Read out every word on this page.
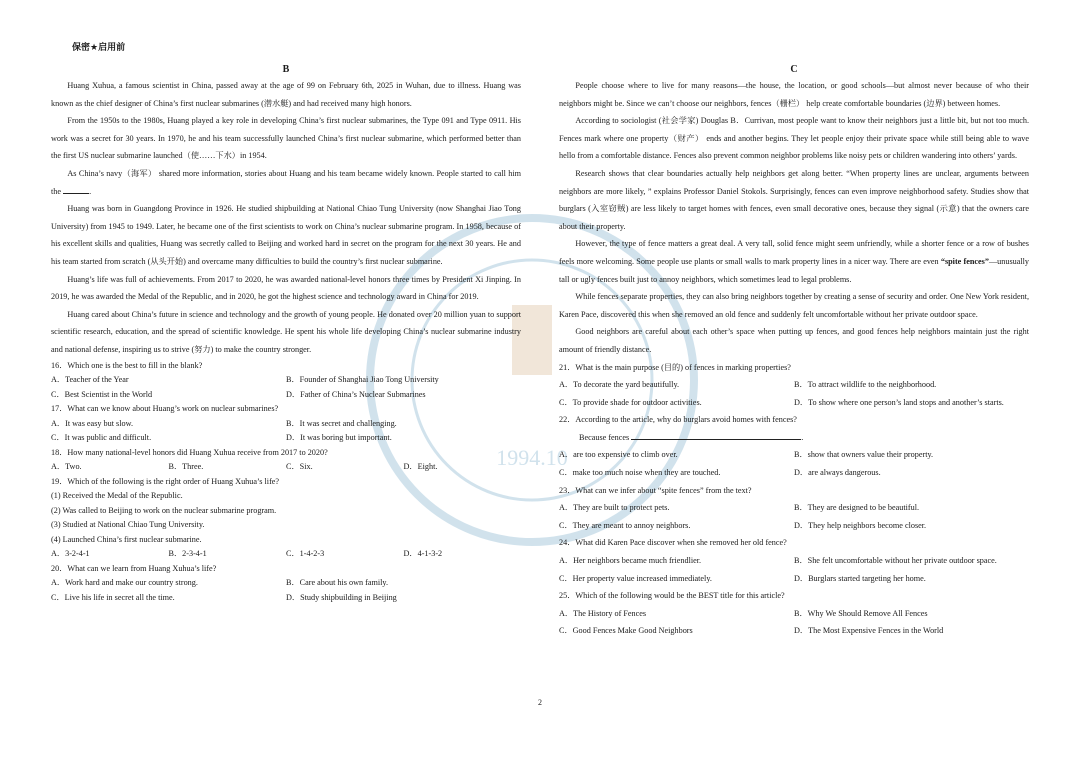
保密★启用前
1994.10
B

Huang Xuhua, a famous scientist in China, passed away at the age of 99 on February 6th, 2025 in Wuhan, due to illness. Huang was known as the chief designer of China’s first nuclear submarines (潜水艇) and had received many high honors.

From the 1950s to the 1980s, Huang played a key role in developing China’s first nuclear submarines, the Type 091 and Type 0911. His work was a secret for 30 years. In 1970, he and his team successfully launched China’s first nuclear submarine, which performed better than the first US nuclear submarine launched（使……下水）in 1954.

As China’s navy（海军） shared more information, stories about Huang and his team became widely known. People started to call him the	.

Huang was born in Guangdong Province in 1926. He studied shipbuilding at National Chiao Tung University (now Shanghai Jiao Tong University) from 1945 to 1949. Later, he became one of the first scientists to work on China’s nuclear submarine program. In 1958, because of his excellent skills and qualities, Huang was secretly called to Beijing and worked hard in secret on the program for the next 30 years. He and his team started from scratch (从头开始) and overcame many difficulties to build the country’s first nuclear submarine.

Huang’s life was full of achievements. From 2017 to 2020, he was awarded national-level honors three times by President Xi Jinping. In 2019, he was awarded the Medal of the Republic, and in 2020, he got the highest science and technology award in China for 2019.

Huang cared about China’s future in science and technology and the growth of young people. He donated over 20 million yuan to support scientific research, education, and the spread of scientific knowledge. He spent his whole life developing China’s nuclear submarine industry and national defense, inspiring us to strive (努力) to make the country stronger.

16．Which one is the best to fill in the blank?

A．Teacher of the Year	B．Founder of Shanghai Jiao Tong University
C．Best Scientist in the World	D．Father of China’s Nuclear Submarines

17．What can we know about Huang’s work on nuclear submarines?

A．It was easy but slow.	B．It was secret and challenging.
C．It was public and difficult.	D．It was boring but important.

18．How many national-level honors did Huang Xuhua receive from 2017 to 2020?

A．Two.	B．Three.	C．Six.	D．Eight.

19．Which of the following is the right order of Huang Xuhua’s life?

(1) Received the Medal of the Republic.

(2) Was called to Beijing to work on the nuclear submarine program.

(3) Studied at National Chiao Tung University.

(4) Launched China’s first nuclear submarine.

A．3-2-4-1	B．2-3-4-1	C．1-4-2-3	D．4-1-3-2

20．What can we learn from Huang Xuhua’s life?

A．Work hard and make our country strong.	B．Care about his own family.
C．Live his life in secret all the time.	D．Study shipbuilding in Beijing
C

People choose where to live for many reasons—the house, the location, or good schools—but almost never because of who their neighbors might be. Since we can’t choose our neighbors, fences（栅栏） help create comfortable boundaries (边界) between homes.

According to sociologist (社会学家) Douglas B．Currivan, most people want to know their neighbors just a little bit, but not too much. Fences mark where one property（财产） ends and another begins. They let people enjoy their private space while still being able to wave hello from a comfortable distance. Fences also prevent common neighbor problems like noisy pets or children wandering into others’ yards.

Research shows that clear boundaries actually help neighbors get along better. “When property lines are unclear, arguments between neighbors are more likely, ” explains Professor Daniel Stokols. Surprisingly, fences can even improve neighborhood safety. Studies show that burglars (入室窃贼) are less likely to target homes with fences, even small decorative ones, because they signal (示意) that the owners care about their property.

However, the type of fence matters a great deal. A very tall, solid fence might seem unfriendly, while a shorter fence or a row of bushes feels more welcoming. Some people use plants or small walls to mark property lines in a nicer way. There are even “spite fences”—unusually tall or ugly fences built just to annoy neighbors, which sometimes lead to legal problems.

While fences separate properties, they can also bring neighbors together by creating a sense of security and order. One New York resident, Karen Pace, discovered this when she removed an old fence and suddenly felt uncomfortable without her private outdoor space.

Good neighbors are careful about each other’s space when putting up fences, and good fences help neighbors maintain just the right amount of friendly distance.

21．What is the main purpose (目的) of fences in marking properties?

A．To decorate the yard beautifully.	B．To attract wildlife to the neighborhood.
C．To provide shade for outdoor activities.	D．To show where one person’s land stops and another’s starts.

22．According to the article, why do burglars avoid homes with fences?

Because fences	.

A．are too expensive to climb over.	B．show that owners value their property.
C．make too much noise when they are touched.	D．are always dangerous.

23．What can we infer about “spite fences” from the text?

A．They are built to protect pets.	B．They are designed to be beautiful.
C．They are meant to annoy neighbors.	D．They help neighbors become closer.

24．What did Karen Pace discover when she removed her old fence?

A．Her neighbors became much friendlier.	B．She felt uncomfortable without her private outdoor space.
C．Her property value increased immediately.	D．Burglars started targeting her home.

25．Which of the following would be the BEST title for this article?

A．The History of Fences	B．Why We Should Remove All Fences
C．Good Fences Make Good Neighbors	D．The Most Expensive Fences in the World
2
